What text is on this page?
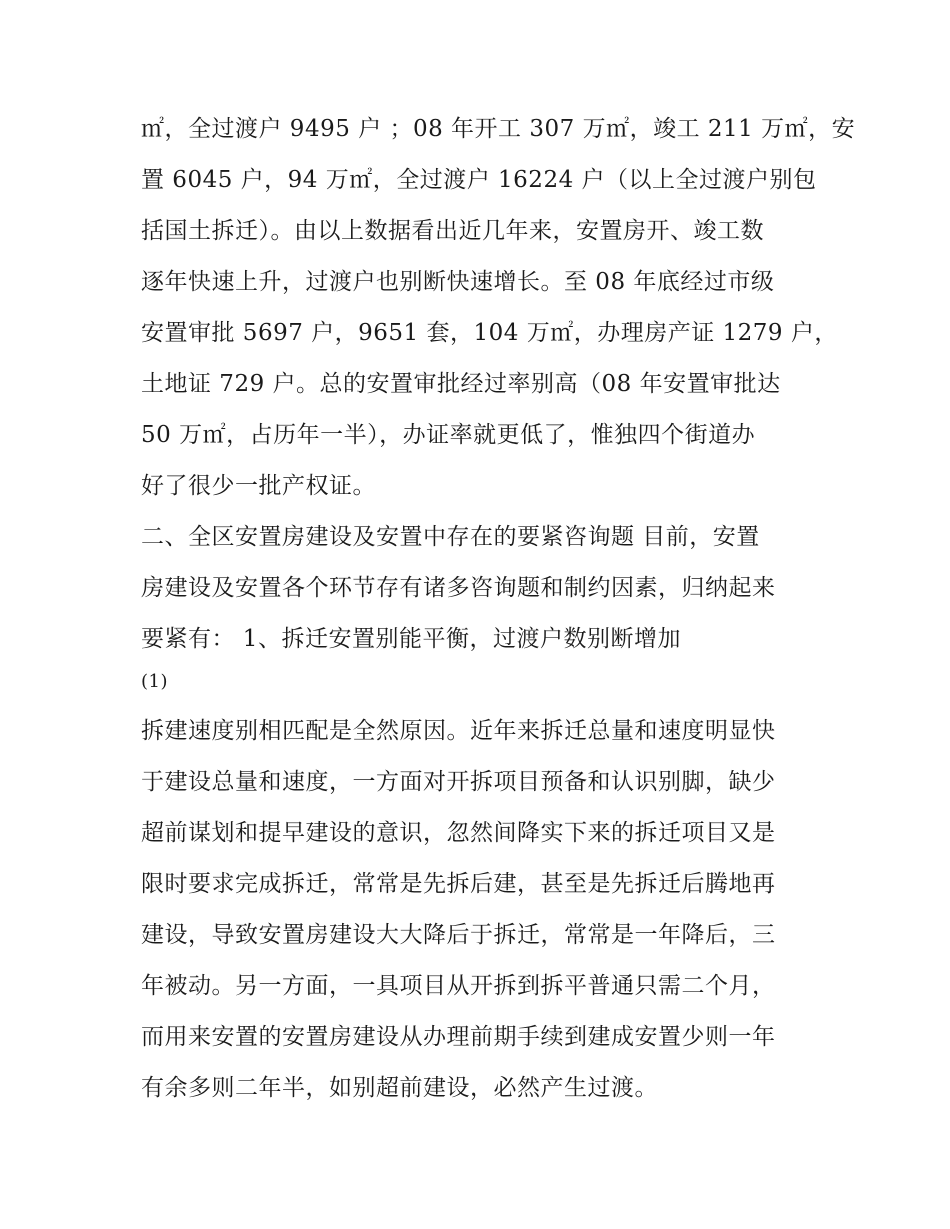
㎡，全过渡户 9495 户 ；08 年开工 307 万㎡，竣工 211 万㎡，安
置 6045 户，94 万㎡，全过渡户 16224 户（以上全过渡户别包
括国土拆迁）。由以上数据看出近几年来，安置房开、竣工数
逐年快速上升，过渡户也别断快速增长。至 08 年底经过市级
安置审批 5697 户，9651 套，104 万㎡，办理房产证 1279 户，
土地证 729 户。总的安置审批经过率别高（08 年安置审批达
50 万㎡，占历年一半），办证率就更低了，惟独四个街道办
好了很少一批产权证。
二、全区安置房建设及安置中存在的要紧咨询题 目前，安置
房建设及安置各个环节存有诸多咨询题和制约因素，归纳起来
要紧有： 1、拆迁安置别能平衡，过渡户数别断增加
(1)
拆建速度别相匹配是全然原因。近年来拆迁总量和速度明显快
于建设总量和速度，一方面对开拆项目预备和认识别脚，缺少
超前谋划和提早建设的意识，忽然间降实下来的拆迁项目又是
限时要求完成拆迁，常常是先拆后建，甚至是先拆迁后腾地再
建设，导致安置房建设大大降后于拆迁，常常是一年降后，三
年被动。另一方面，一具项目从开拆到拆平普通只需二个月，
而用来安置的安置房建设从办理前期手续到建成安置少则一年
有余多则二年半，如别超前建设，必然产生过渡。
